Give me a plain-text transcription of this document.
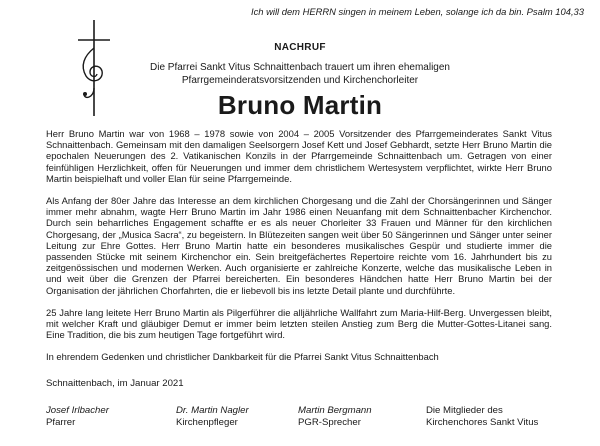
Ich will dem HERRN singen in meinem Leben, solange ich da bin. Psalm 104,33
NACHRUF
Die Pfarrei Sankt Vitus Schnaittenbach trauert um ihren ehemaligen
Pfarrgemeinderatsvorsitzenden und Kirchenchorleiter
Bruno Martin

Herr Bruno Martin war von 1968 – 1978 sowie von 2004 – 2005 Vorsitzender des Pfarrgemeinderates Sankt Vitus Schnaittenbach. Gemeinsam mit den damaligen Seelsorgern Josef Kett und Josef Gebhardt, setzte Herr Bruno Martin die epochalen Neuerungen des 2. Vatikanischen Konzils in der Pfarrgemeinde Schnaittenbach um. Getragen von einer feinfühligen Herzlichkeit, offen für Neuerungen und immer dem christlichem Wertesystem verpflichtet, wirkte Herr Bruno Martin beispielhaft und voller Elan für seine Pfarrgemeinde.

Als Anfang der 80er Jahre das Interesse an dem kirchlichen Chorgesang und die Zahl der Chorsängerinnen und Sänger immer mehr abnahm, wagte Herr Bruno Martin im Jahr 1986 einen Neuanfang mit dem Schnaittenbacher Kirchenchor. Durch sein beharrliches Engagement schaffte er es als neuer Chorleiter 33 Frauen und Männer für den kirchlichen Chorgesang, der „Musica Sacra“, zu begeistern. In Blütezeiten sangen weit über 50 Sängerinnen und Sänger unter seiner Leitung zur Ehre Gottes. Herr Bruno Martin hatte ein besonderes musikalisches Gespür und studierte immer die passenden Stücke mit seinem Kirchenchor ein. Sein breitgefächertes Repertoire reichte vom 16. Jahrhundert bis zu zeitgenössischen und modernen Werken. Auch organisierte er zahlreiche Konzerte, welche das musikalische Leben in und weit über die Grenzen der Pfarrei bereicherten. Ein besonderes Händchen hatte Herr Bruno Martin bei der Organisation der jährlichen Chorfahrten, die er liebevoll bis ins letzte Detail plante und durchführte.

25 Jahre lang leitete Herr Bruno Martin als Pilgerführer die alljährliche Wallfahrt zum Maria-Hilf-Berg. Unvergessen bleibt, mit welcher Kraft und gläubiger Demut er immer beim letzten steilen Anstieg zum Berg die Mutter-Gottes-Litanei sang. Eine Tradition, die bis zum heutigen Tage fortgeführt wird.

In ehrendem Gedenken und christlicher Dankbarkeit für die Pfarrei Sankt Vitus Schnaittenbach

Schnaittenbach, im Januar 2021
Josef Irlbacher
Pfarrer
Dr. Martin Nagler
Kirchenpfleger
Martin Bergmann
PGR-Sprecher
Die Mitglieder des
Kirchenchores Sankt Vitus
